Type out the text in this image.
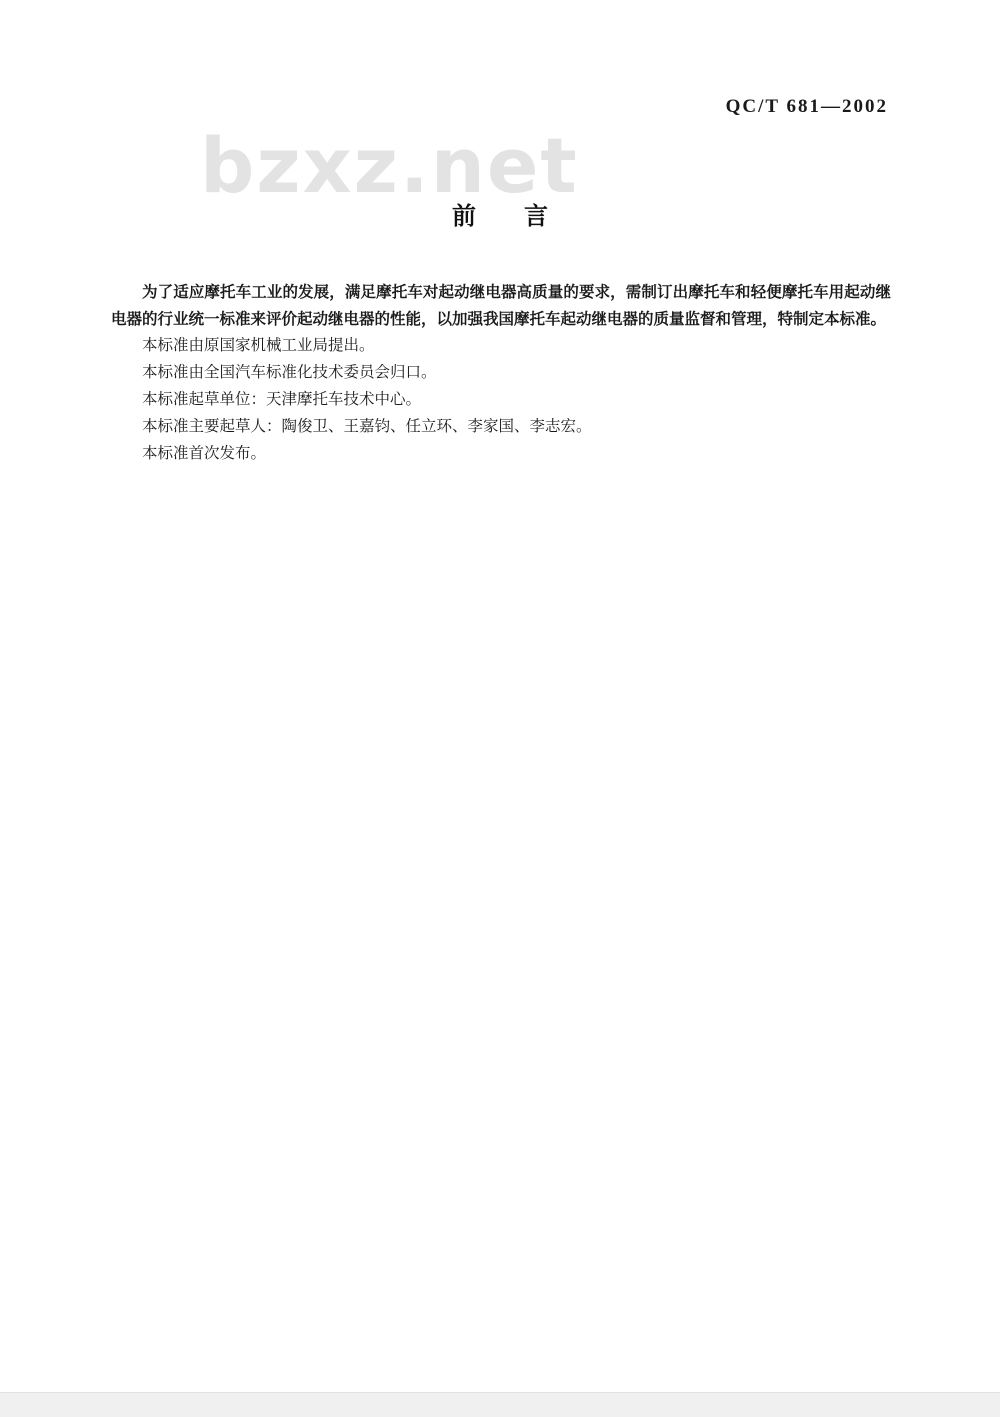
QC/T 681—2002
bzxz.net
前言

为了适应摩托车工业的发展，满足摩托车对起动继电器高质量的要求，需制订出摩托车和轻便摩托车用起动继电器的行业统一标准来评价起动继电器的性能，以加强我国摩托车起动继电器的质量监督和管理，特制定本标准。

本标准由原国家机械工业局提出。

本标准由全国汽车标准化技术委员会归口。

本标准起草单位：天津摩托车技术中心。

本标准主要起草人：陶俊卫、王嘉钧、任立环、李家国、李志宏。

本标准首次发布。
